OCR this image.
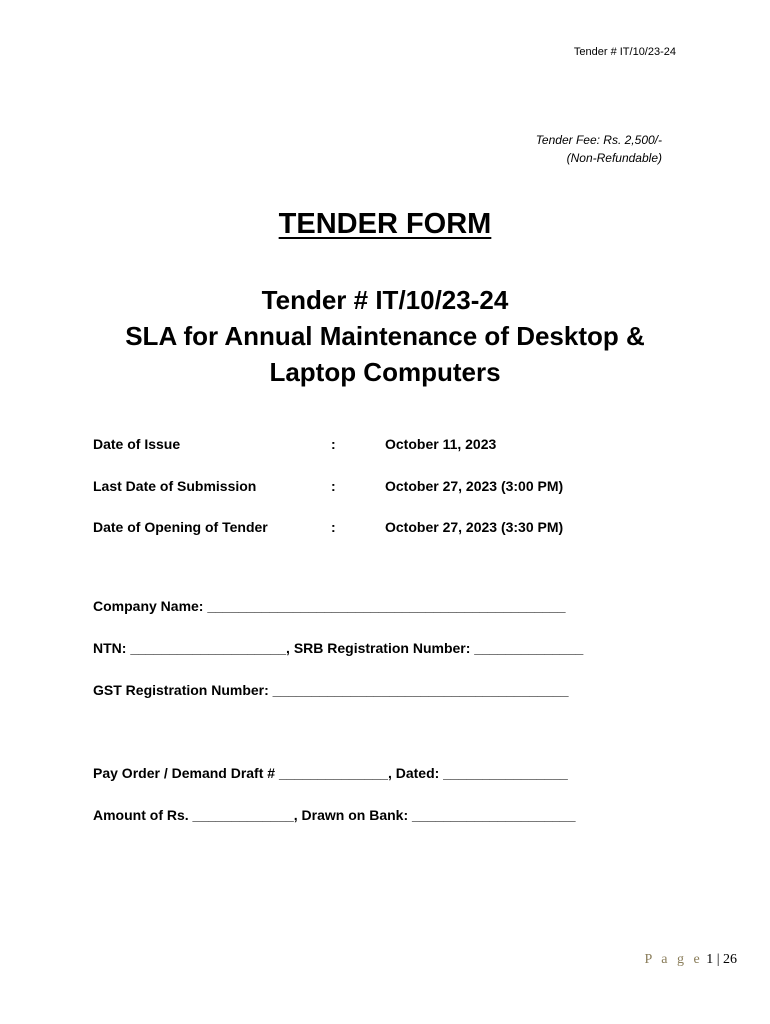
Tender # IT/10/23-24
Tender Fee: Rs. 2,500/-
(Non-Refundable)
TENDER FORM
Tender # IT/10/23-24
SLA for Annual Maintenance of Desktop &
Laptop Computers
Date of Issue	:	October 11, 2023
Last Date of Submission	:	October 27, 2023 (3:00 PM)
Date of Opening of Tender	:	October 27, 2023 (3:30 PM)
Company Name: ______________________________________________
NTN: ____________________, SRB Registration Number: ______________
GST Registration Number: ______________________________________
Pay Order / Demand Draft # ______________, Dated: ________________
Amount of Rs. _____________, Drawn on Bank: _____________________
P a g e 1 | 26
